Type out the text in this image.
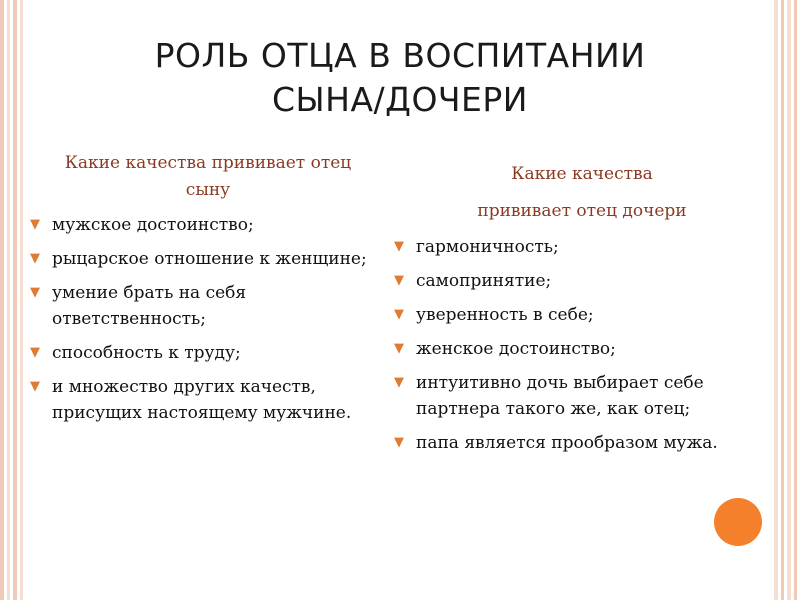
РОЛЬ ОТЦА В ВОСПИТАНИИ
СЫНА/ДОЧЕРИ
Какие качества прививает отец
сыну
▼ мужское достоинство;
▼ рыцарское отношение к женщине;
▼ умение брать на себя ответственность;
▼ способность к труду;
▼ и множество других качеств, присущих настоящему мужчине.
Какие качества
прививает отец дочери
▼ гармоничность;
▼ самопринятие;
▼ уверенность в себе;
▼ женское достоинство;
▼ интуитивно дочь выбирает себе партнера такого же, как отец;
▼ папа является прообразом мужа.
